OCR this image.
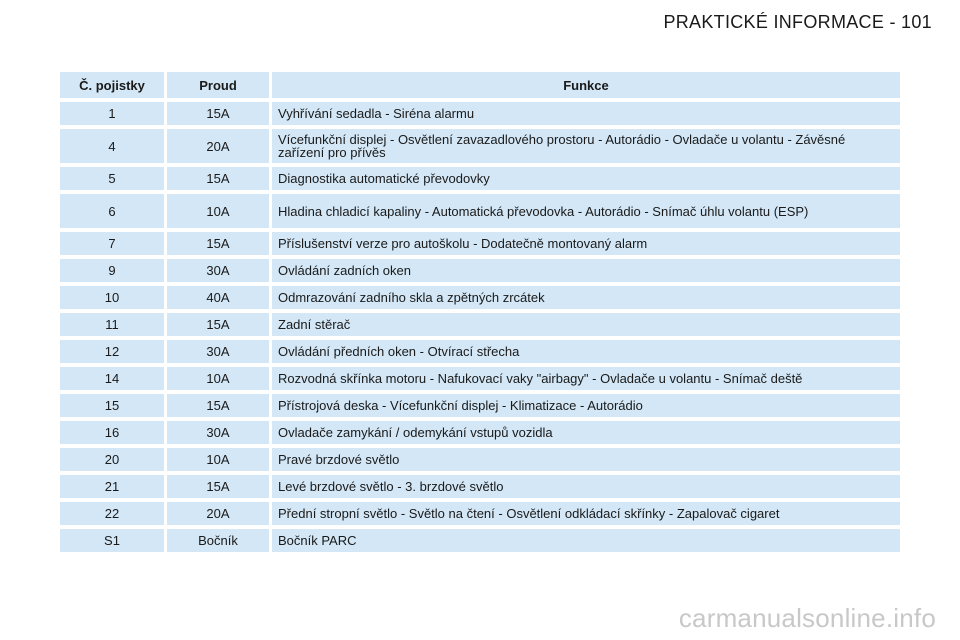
PRAKTICKÉ INFORMACE - 101
Č. pojistky	Proud	Funkce
1	15A	Vyhřívání sedadla - Siréna alarmu
4	20A	Vícefunkční displej - Osvětlení zavazadlového prostoru - Autorádio - Ovladače u volantu - Závěsné zařízení pro přívěs
5	15A	Diagnostika automatické převodovky
6	10A	Hladina chladicí kapaliny - Automatická převodovka - Autorádio - Snímač úhlu volantu (ESP)
7	15A	Příslušenství verze pro autoškolu - Dodatečně montovaný alarm
9	30A	Ovládání zadních oken
10	40A	Odmrazování zadního skla a zpětných zrcátek
11	15A	Zadní stěrač
12	30A	Ovládání předních oken - Otvírací střecha
14	10A	Rozvodná skřínka motoru - Nafukovací vaky "airbagy" - Ovladače u volantu - Snímač deště
15	15A	Přístrojová deska - Vícefunkční displej - Klimatizace - Autorádio
16	30A	Ovladače zamykání / odemykání vstupů vozidla
20	10A	Pravé brzdové světlo
21	15A	Levé brzdové světlo - 3. brzdové světlo
22	20A	Přední stropní světlo - Světlo na čtení - Osvětlení odkládací skřínky - Zapalovač cigaret
S1	Bočník	Bočník PARC
carmanualsonline.info
